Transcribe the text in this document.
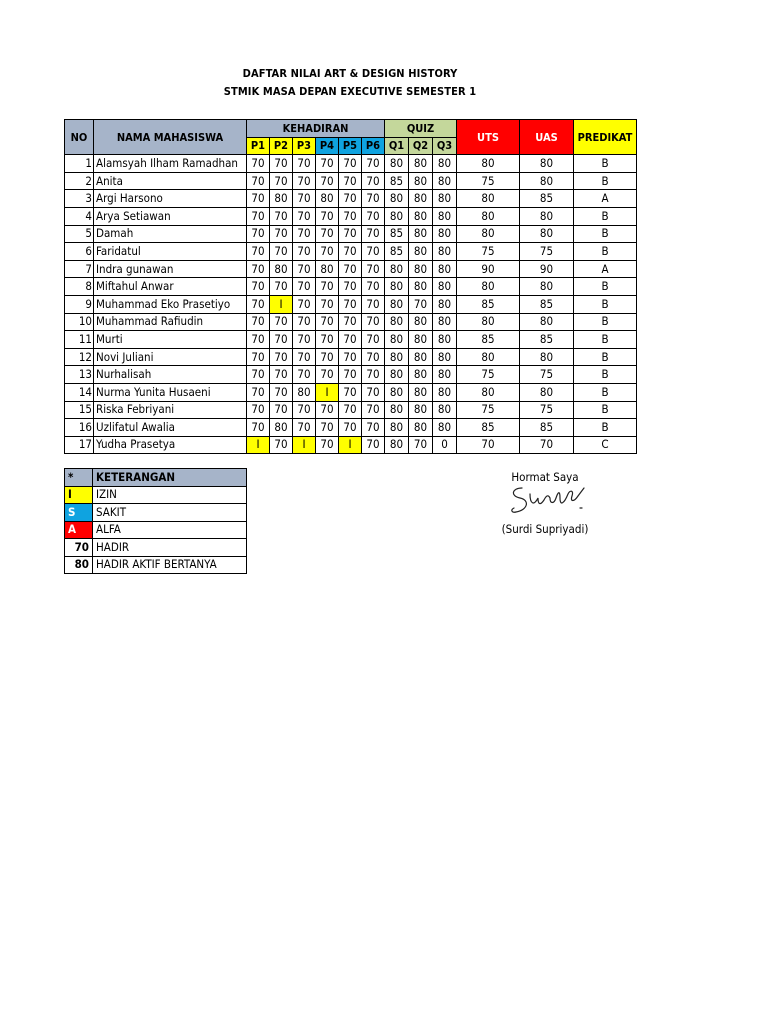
DAFTAR NILAI ART & DESIGN HISTORY
STMIK MASA DEPAN EXECUTIVE SEMESTER 1
NO	NAMA MAHASISWA	KEHADIRAN						QUIZ			UTS	UAS	PREDIKAT
		P1	P2	P3	P4	P5	P6	Q1	Q2	Q3			
1	Alamsyah Ilham Ramadhan	70	70	70	70	70	70	80	80	80	80	80	B
2	Anita	70	70	70	70	70	70	85	80	80	75	80	B
3	Argi Harsono	70	80	70	80	70	70	80	80	80	80	85	A
4	Arya Setiawan	70	70	70	70	70	70	80	80	80	80	80	B
5	Damah	70	70	70	70	70	70	85	80	80	80	80	B
6	Faridatul	70	70	70	70	70	70	85	80	80	75	75	B
7	Indra gunawan	70	80	70	80	70	70	80	80	80	90	90	A
8	Miftahul Anwar	70	70	70	70	70	70	80	80	80	80	80	B
9	Muhammad Eko Prasetiyo	70	I	70	70	70	70	80	70	80	85	85	B
10	Muhammad Rafiudin	70	70	70	70	70	70	80	80	80	80	80	B
11	Murti	70	70	70	70	70	70	80	80	80	85	85	B
12	Novi Juliani	70	70	70	70	70	70	80	80	80	80	80	B
13	Nurhalisah	70	70	70	70	70	70	80	80	80	75	75	B
14	Nurma Yunita Husaeni	70	70	80	I	70	70	80	80	80	80	80	B
15	Riska Febriyani	70	70	70	70	70	70	80	80	80	75	75	B
16	Uzlifatul Awalia	70	80	70	70	70	70	80	80	80	85	85	B
17	Yudha Prasetya	I	70	I	70	I	70	80	70	0	70	70	C
*	KETERANGAN
I	IZIN
S	SAKIT
A	ALFA
70	HADIR
80	HADIR AKTIF BERTANYA
Hormat Saya
(Surdi Supriyadi)
